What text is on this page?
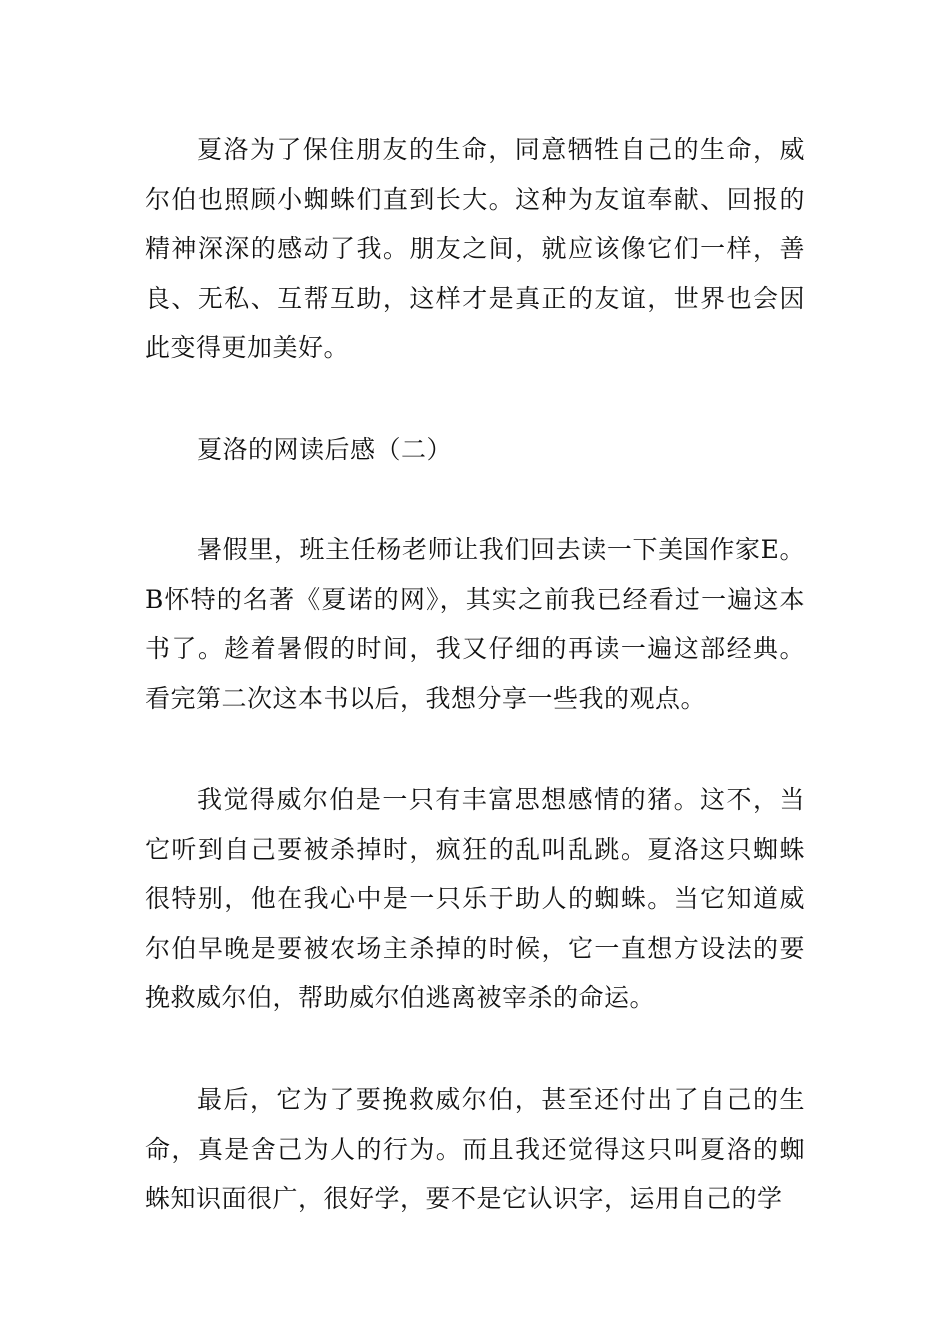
夏洛为了保住朋友的生命，同意牺牲自己的生命，威尔伯也照顾小蜘蛛们直到长大。这种为友谊奉献、回报的精神深深的感动了我。朋友之间，就应该像它们一样，善良、无私、互帮互助，这样才是真正的友谊，世界也会因此变得更加美好。

夏洛的网读后感（二）

暑假里，班主任杨老师让我们回去读一下美国作家E。B怀特的名著《夏诺的网》，其实之前我已经看过一遍这本书了。趁着暑假的时间，我又仔细的再读一遍这部经典。看完第二次这本书以后，我想分享一些我的观点。

我觉得威尔伯是一只有丰富思想感情的猪。这不，当它听到自己要被杀掉时，疯狂的乱叫乱跳。夏洛这只蜘蛛很特别，他在我心中是一只乐于助人的蜘蛛。当它知道威尔伯早晚是要被农场主杀掉的时候，它一直想方设法的要挽救威尔伯，帮助威尔伯逃离被宰杀的命运。

最后，它为了要挽救威尔伯，甚至还付出了自己的生命，真是舍己为人的行为。而且我还觉得这只叫夏洛的蜘蛛知识面很广，很好学，要不是它认识字，运用自己的学
